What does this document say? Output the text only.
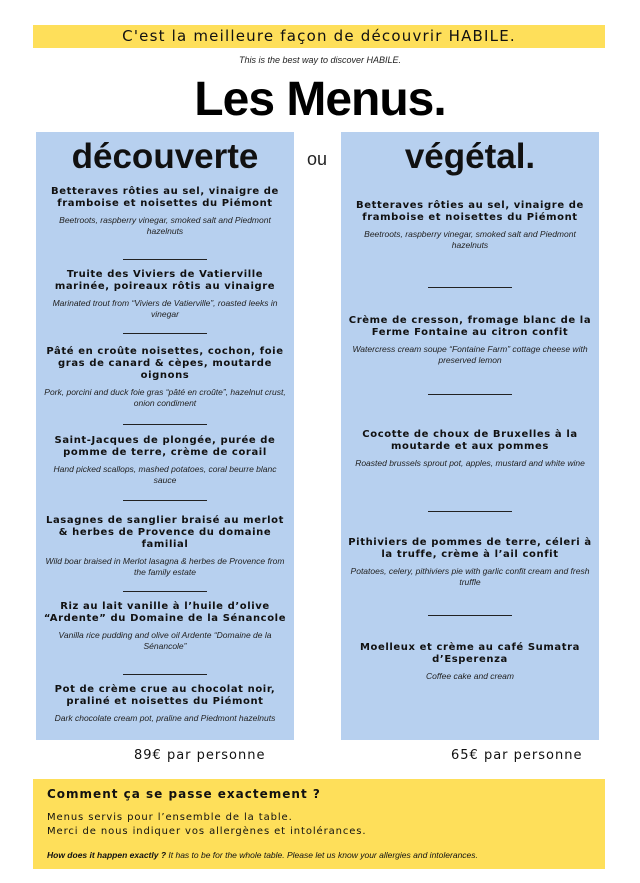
C'est la meilleure façon de découvrir HABILE.
This is the best way to discover HABILE.
Les Menus.
ou
découverte
Betteraves rôties au sel, vinaigre de framboise et noisettes du Piémont
Beetroots, raspberry vinegar, smoked salt and Piedmont hazelnuts
Truite des Viviers de Vatierville marinée, poireaux rôtis au vinaigre
Marinated trout from “Viviers de Vatierville”, roasted leeks in vinegar
Pâté en croûte noisettes, cochon, foie gras de canard & cèpes, moutarde oignons
Pork, porcini and duck foie gras “pâté en croûte”, hazelnut crust, onion condiment
Saint-Jacques de plongée, purée de pomme de terre, crème de corail
Hand picked scallops, mashed potatoes, coral beurre blanc sauce
Lasagnes de sanglier braisé au merlot & herbes de Provence du domaine familial
Wild boar braised in Merlot lasagna & herbes de Provence from the family estate
Riz au lait vanille à l’huile d’olive “Ardente” du Domaine de la Sénancole
Vanilla rice pudding and olive oil Ardente “Domaine de la Sénancole”
Pot de crème crue au chocolat noir, praliné et noisettes du Piémont
Dark chocolate cream pot, praline and Piedmont hazelnuts
végétal.
Betteraves rôties au sel, vinaigre de framboise et noisettes du Piémont
Beetroots, raspberry vinegar, smoked salt and Piedmont hazelnuts
Crème de cresson, fromage blanc de la Ferme Fontaine au citron confit
Watercress cream soupe “Fontaine Farm” cottage cheese with preserved lemon
Cocotte de choux de Bruxelles à la moutarde et aux pommes
Roasted brussels sprout pot, apples, mustard and white wine
Pithiviers de pommes de terre, céleri à la truffe, crème à l’ail confit
Potatoes, celery, pithiviers pie with garlic confit cream and fresh truffle
Moelleux et crème au café Sumatra d’Esperenza
Coffee cake and cream
89€ par personne	65€ par personne
Comment ça se passe exactement ?
Menus servis pour l’ensemble de la table.
Merci de nous indiquer vos allergènes et intolérances.
How does it happen exactly ? It has to be for the whole table. Please let us know your allergies and intolerances.
